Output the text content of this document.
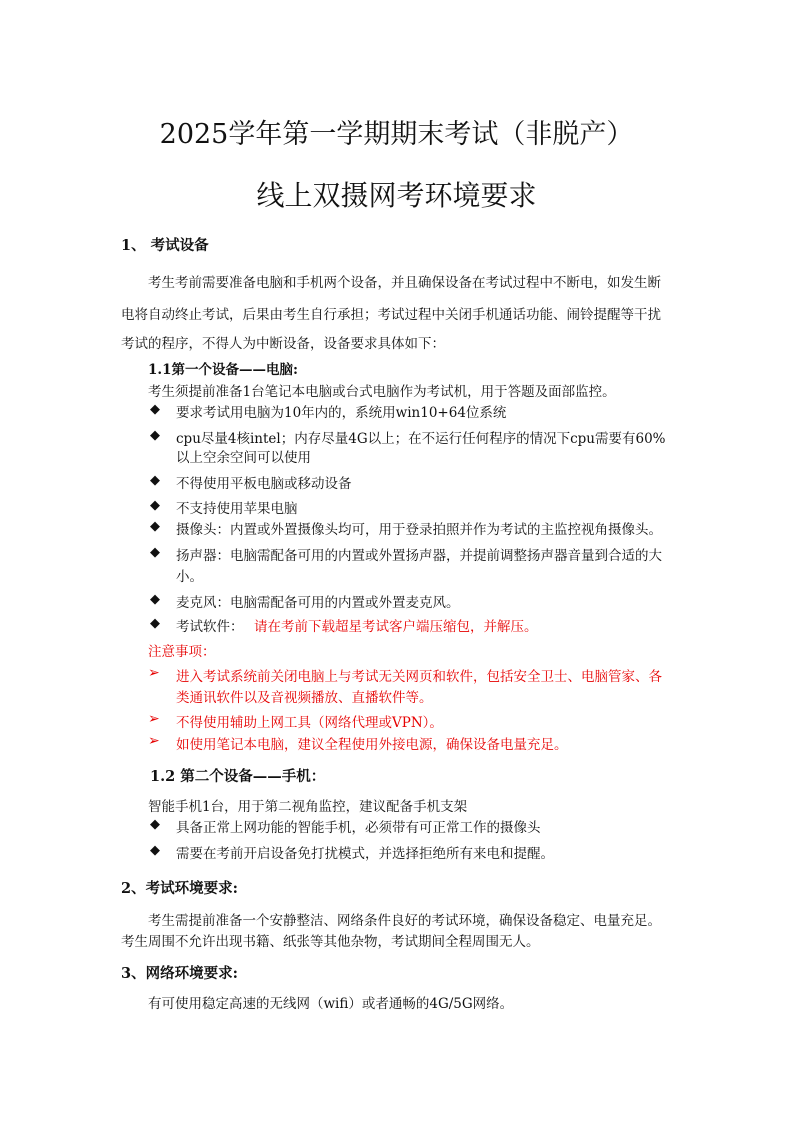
2025学年第一学期期末考试（非脱产）
线上双摄网考环境要求
1、 考试设备
考生考前需要准备电脑和手机两个设备，并且确保设备在考试过程中不断电，如发生断
电将自动终止考试，后果由考生自行承担；考试过程中关闭手机通话功能、闹铃提醒等干扰
考试的程序，不得人为中断设备，设备要求具体如下：
1.1第一个设备——电脑:
考生须提前准备1台笔记本电脑或台式电脑作为考试机，用于答题及面部监控。
◆ 要求考试用电脑为10年内的，系统用win10+64位系统
◆ cpu尽量4核intel；内存尽量4G以上；在不运行任何程序的情况下cpu需要有60%
以上空余空间可以使用
◆ 不得使用平板电脑或移动设备
◆ 不支持使用苹果电脑
◆ 摄像头：内置或外置摄像头均可，用于登录拍照并作为考试的主监控视角摄像头。
◆ 扬声器：电脑需配备可用的内置或外置扬声器，并提前调整扬声器音量到合适的大
小。
◆ 麦克风：电脑需配备可用的内置或外置麦克风。
◆ 考试软件： 请在考前下载超星考试客户端压缩包，并解压。
注意事项：
➢ 进入考试系统前关闭电脑上与考试无关网页和软件，包括安全卫士、电脑管家、各
类通讯软件以及音视频播放、直播软件等。
➢ 不得使用辅助上网工具（网络代理或VPN）。
➢ 如使用笔记本电脑，建议全程使用外接电源，确保设备电量充足。
1.2 第二个设备——手机：
智能手机1台，用于第二视角监控，建议配备手机支架
◆ 具备正常上网功能的智能手机，必须带有可正常工作的摄像头
◆ 需要在考前开启设备免打扰模式，并选择拒绝所有来电和提醒。
2、考试环境要求:
考生需提前准备一个安静整洁、网络条件良好的考试环境，确保设备稳定、电量充足。
考生周围不允许出现书籍、纸张等其他杂物，考试期间全程周围无人。
3、网络环境要求:
有可使用稳定高速的无线网（wifi）或者通畅的4G/5G网络。
